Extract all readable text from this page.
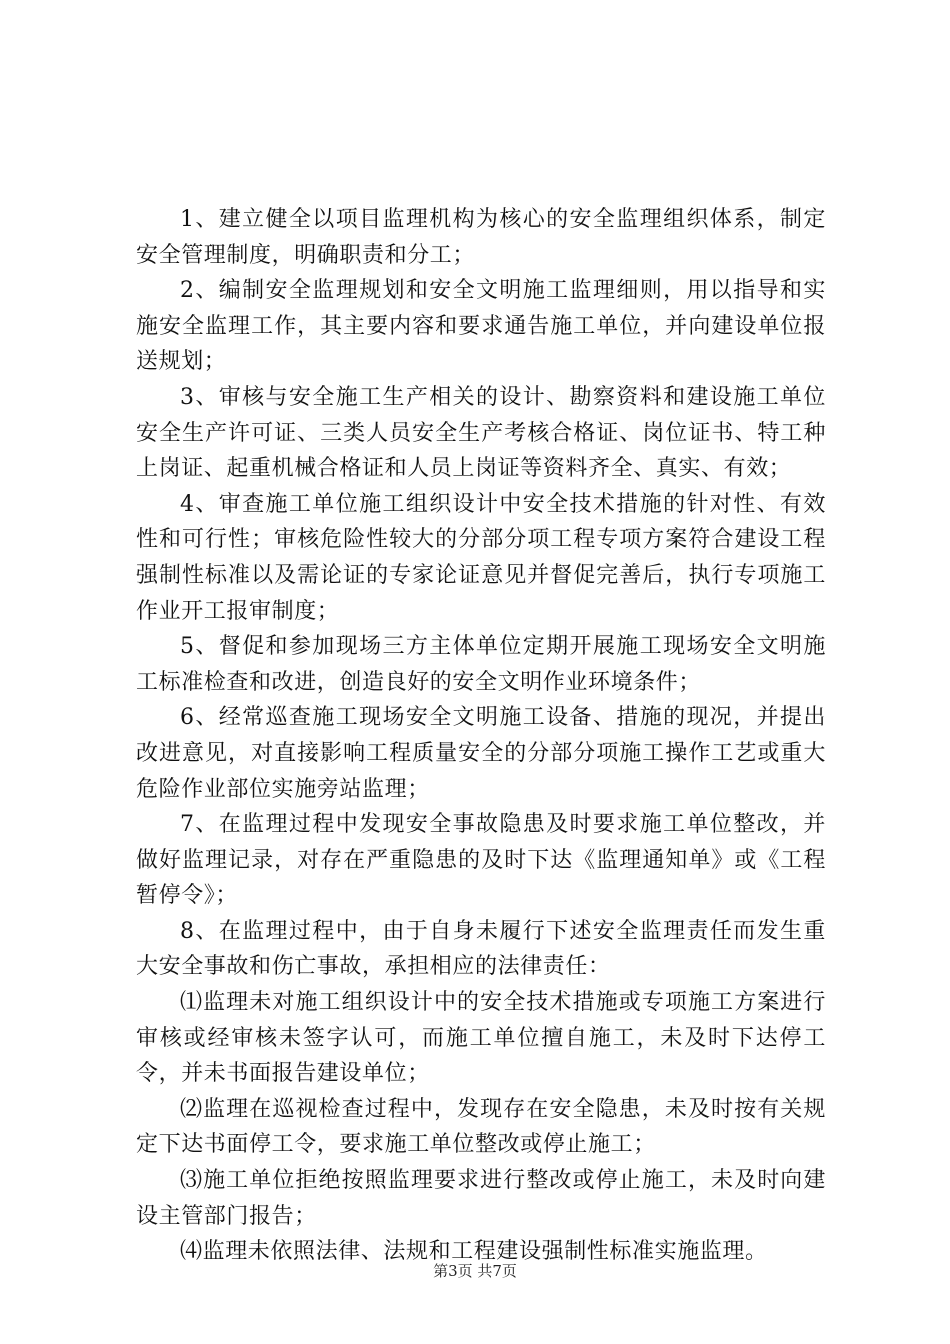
1、建立健全以项目监理机构为核心的安全监理组织体系，制定安全管理制度，明确职责和分工；

2、编制安全监理规划和安全文明施工监理细则，用以指导和实施安全监理工作，其主要内容和要求通告施工单位，并向建设单位报送规划；

3、审核与安全施工生产相关的设计、勘察资料和建设施工单位安全生产许可证、三类人员安全生产考核合格证、岗位证书、特工种上岗证、起重机械合格证和人员上岗证等资料齐全、真实、有效；

4、审查施工单位施工组织设计中安全技术措施的针对性、有效性和可行性；审核危险性较大的分部分项工程专项方案符合建设工程强制性标准以及需论证的专家论证意见并督促完善后，执行专项施工作业开工报审制度；

5、督促和参加现场三方主体单位定期开展施工现场安全文明施工标准检查和改进，创造良好的安全文明作业环境条件；

6、经常巡查施工现场安全文明施工设备、措施的现况，并提出改进意见，对直接影响工程质量安全的分部分项施工操作工艺或重大危险作业部位实施旁站监理；

7、在监理过程中发现安全事故隐患及时要求施工单位整改，并做好监理记录，对存在严重隐患的及时下达《监理通知单》或《工程暂停令》；

8、在监理过程中，由于自身未履行下述安全监理责任而发生重大安全事故和伤亡事故，承担相应的法律责任：

⑴监理未对施工组织设计中的安全技术措施或专项施工方案进行审核或经审核未签字认可，而施工单位擅自施工，未及时下达停工令，并未书面报告建设单位；

⑵监理在巡视检查过程中，发现存在安全隐患，未及时按有关规定下达书面停工令，要求施工单位整改或停止施工；

⑶施工单位拒绝按照监理要求进行整改或停止施工，未及时向建设主管部门报告；

⑷监理未依照法律、法规和工程建设强制性标准实施监理。

第3页 共7页
